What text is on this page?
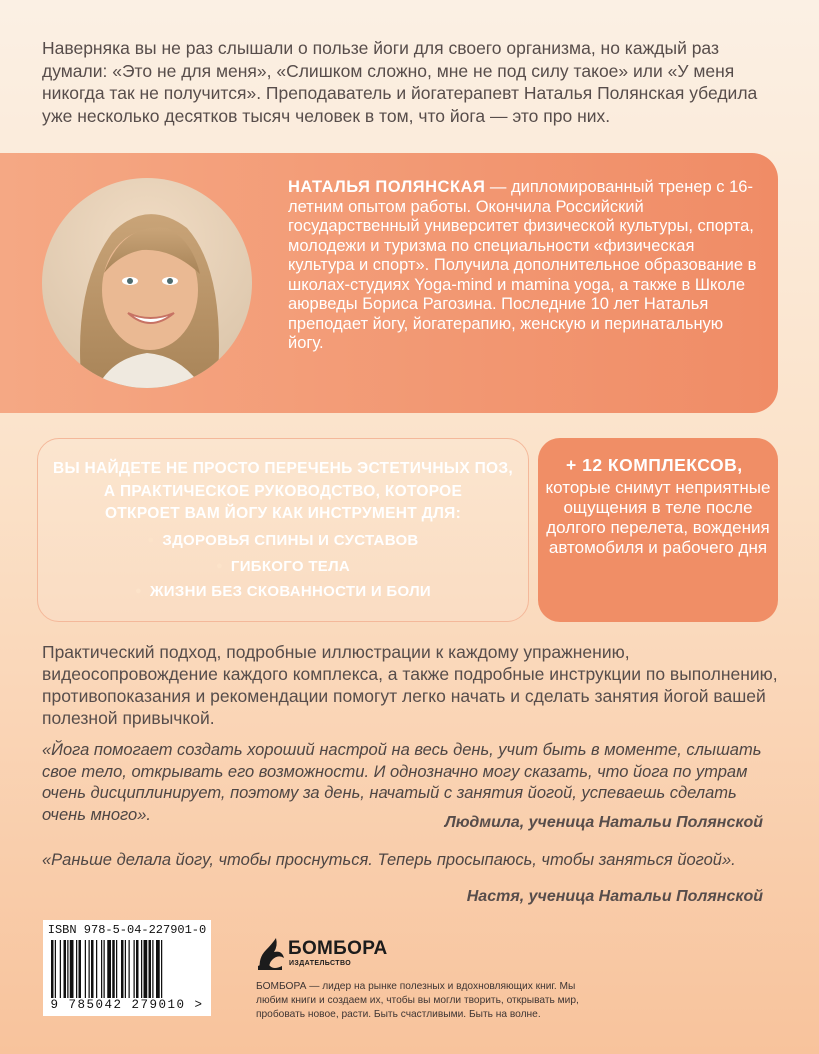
Наверняка вы не раз слышали о пользе йоги для своего организма, но каждый раз думали: «Это не для меня», «Слишком сложно, мне не под силу такое» или «У меня никогда так не получится». Преподаватель и йогатерапевт Наталья Полянская убедила уже несколько десятков тысяч человек в том, что йога — это про них.

НАТАЛЬЯ ПОЛЯНСКАЯ — дипломированный тренер с 16-летним опытом работы. Окончила Российский государственный университет физической культуры, спорта, молодежи и туризма по специальности «физическая культура и спорт». Получила дополнительное образование в школах-студиях Yoga-mind и mamina yoga, а также в Школе аюрведы Бориса Рагозина. Последние 10 лет Наталья преподает йогу, йогатерапию, женскую и перинатальную йогу.

ВЫ НАЙДЕТЕ НЕ ПРОСТО ПЕРЕЧЕНЬ ЭСТЕТИЧНЫХ ПОЗ,
А ПРАКТИЧЕСКОЕ РУКОВОДСТВО, КОТОРОЕ
ОТКРОЕТ ВАМ ЙОГУ КАК ИНСТРУМЕНТ ДЛЯ:
● ЗДОРОВЬЯ СПИНЫ И СУСТАВОВ
● ГИБКОГО ТЕЛА
● ЖИЗНИ БЕЗ СКОВАННОСТИ И БОЛИ
+ 12 КОМПЛЕКСОВ,

которые снимут неприятные ощущения в теле после долгого перелета, вождения автомобиля и рабочего дня

Практический подход, подробные иллюстрации к каждому упражнению, видеосопровождение каждого комплекса, а также подробные инструкции по выполнению, противопоказания и рекомендации помогут легко начать и сделать занятия йогой вашей полезной привычкой.

«Йога помогает создать хороший настрой на весь день, учит быть в моменте, слышать свое тело, открывать его возможности. И однозначно могу сказать, что йога по утрам очень дисциплинирует, поэтому за день, начатый с занятия йогой, успеваешь сделать очень много».	Людмила, ученица Натальи Полянской

«Раньше делала йогу, чтобы проснуться. Теперь просыпаюсь, чтобы заняться йогой».

Настя, ученица Натальи Полянской
ISBN 978-5-04-227901-0
9 785042 279010 >
БОМБОРА
ИЗДАТЕЛЬСТВО

БОМБОРА — лидер на рынке полезных и вдохновляющих книг. Мы любим книги и создаем их, чтобы вы могли творить, открывать мир, пробовать новое, расти. Быть счастливыми. Быть на волне.
